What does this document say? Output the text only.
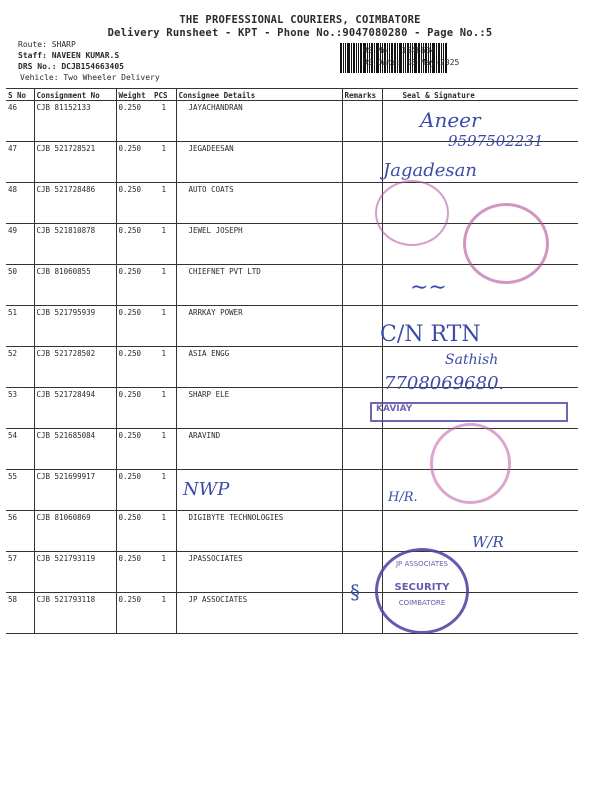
THE PROFESSIONAL COURIERS, COIMBATORE
Delivery Runsheet - KPT - Phone No.:9047080280 - Page No.:5
Route: SHARP
Staff: NAVEEN KUMAR.S
DRS No.: DCJB154663405
Vehicle: Two Wheeler Delivery
RS No.: 1546634
RS Date: 08-May-2025
S No	Consignment No	Weight	PCS	Consignee Details	Remarks	Seal & Signature
46	CJB 81152133	0.250	1	JAYACHANDRAN		
47	CJB 521728521	0.250	1	JEGADEESAN		
48	CJB 521728486	0.250	1	AUTO COATS		
49	CJB 521810878	0.250	1	JEWEL JOSEPH		
50	CJB 81060855	0.250	1	CHIEFNET PVT LTD		
51	CJB 521795939	0.250	1	ARRKAY POWER		
52	CJB 521728502	0.250	1	ASIA ENGG		
53	CJB 521728494	0.250	1	SHARP ELE		
54	CJB 521685084	0.250	1	ARAVIND		
55	CJB 521699917	0.250	1			
56	CJB 81060869	0.250	1	DIGIBYTE TECHNOLOGIES		
57	CJB 521793119	0.250	1	JPASSOCIATES		
58	CJB 521793118	0.250	1	JP ASSOCIATES		
Aneer
9597502231
Jagadesan
∼∼
C/N RTN
Sathish
7708069680.
KAVIAY
NWP	H/R.
W/R
JP ASSOCIATES
SECURITY
COIMBATORE
§
